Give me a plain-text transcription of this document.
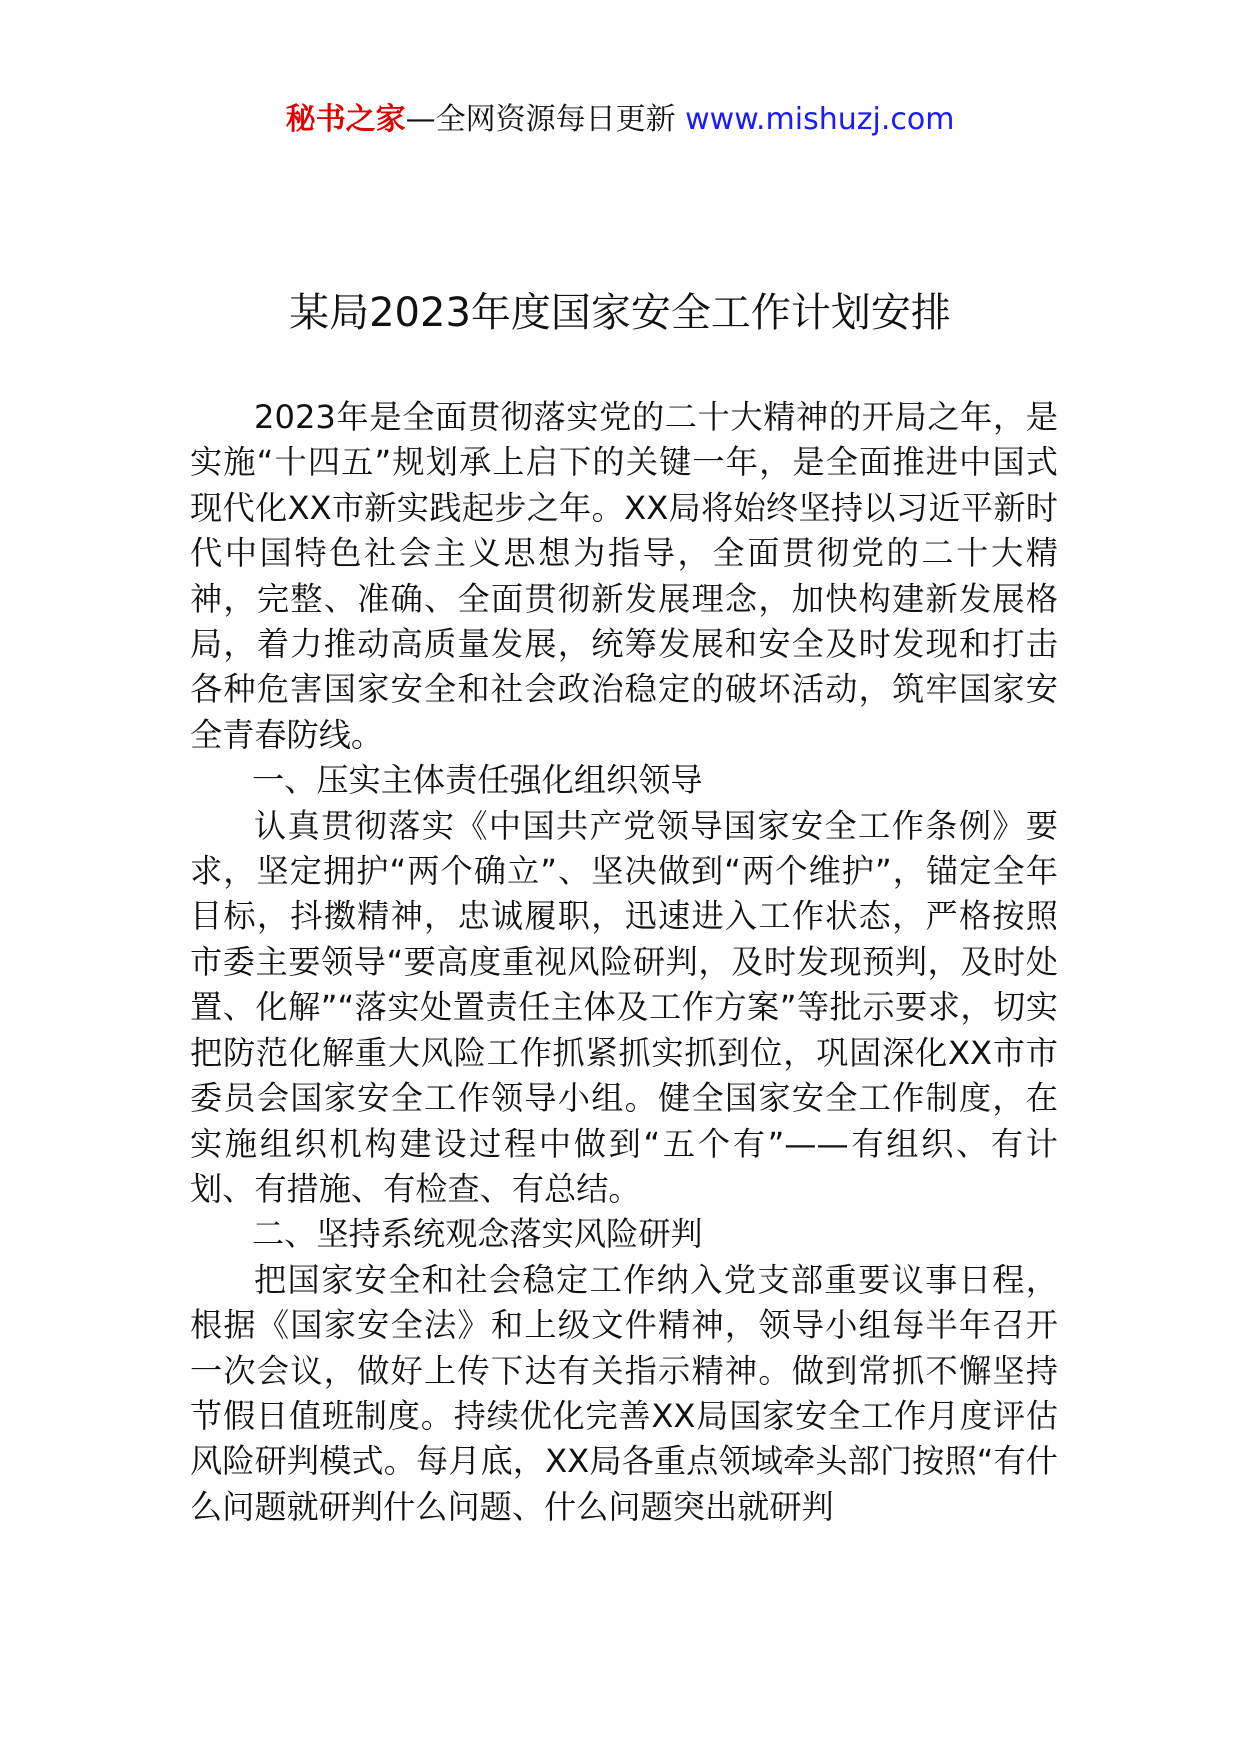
秘书之家—全网资源每日更新 www.mishuzj.com
某局2023年度国家安全工作计划安排

2023年是全面贯彻落实党的二十大精神的开局之年，是实施“十四五”规划承上启下的关键一年，是全面推进中国式现代化XX市新实践起步之年。XX局将始终坚持以习近平新时代中国特色社会主义思想为指导，全面贯彻党的二十大精神，完整、准确、全面贯彻新发展理念，加快构建新发展格局，着力推动高质量发展，统筹发展和安全及时发现和打击各种危害国家安全和社会政治稳定的破坏活动，筑牢国家安全青春防线。

一、压实主体责任强化组织领导

认真贯彻落实《中国共产党领导国家安全工作条例》要求，坚定拥护“两个确立”、坚决做到“两个维护”，锚定全年目标，抖擞精神，忠诚履职，迅速进入工作状态，严格按照市委主要领导“要高度重视风险研判，及时发现预判，及时处置、化解”“落实处置责任主体及工作方案”等批示要求，切实把防范化解重大风险工作抓紧抓实抓到位，巩固深化XX市市委员会国家安全工作领导小组。健全国家安全工作制度，在实施组织机构建设过程中做到“五个有”——有组织、有计划、有措施、有检查、有总结。

二、坚持系统观念落实风险研判

把国家安全和社会稳定工作纳入党支部重要议事日程，根据《国家安全法》和上级文件精神，领导小组每半年召开一次会议，做好上传下达有关指示精神。做到常抓不懈坚持节假日值班制度。持续优化完善XX局国家安全工作月度评估风险研判模式。每月底，XX局各重点领域牵头部门按照“有什么问题就研判什么问题、什么问题突出就研判
